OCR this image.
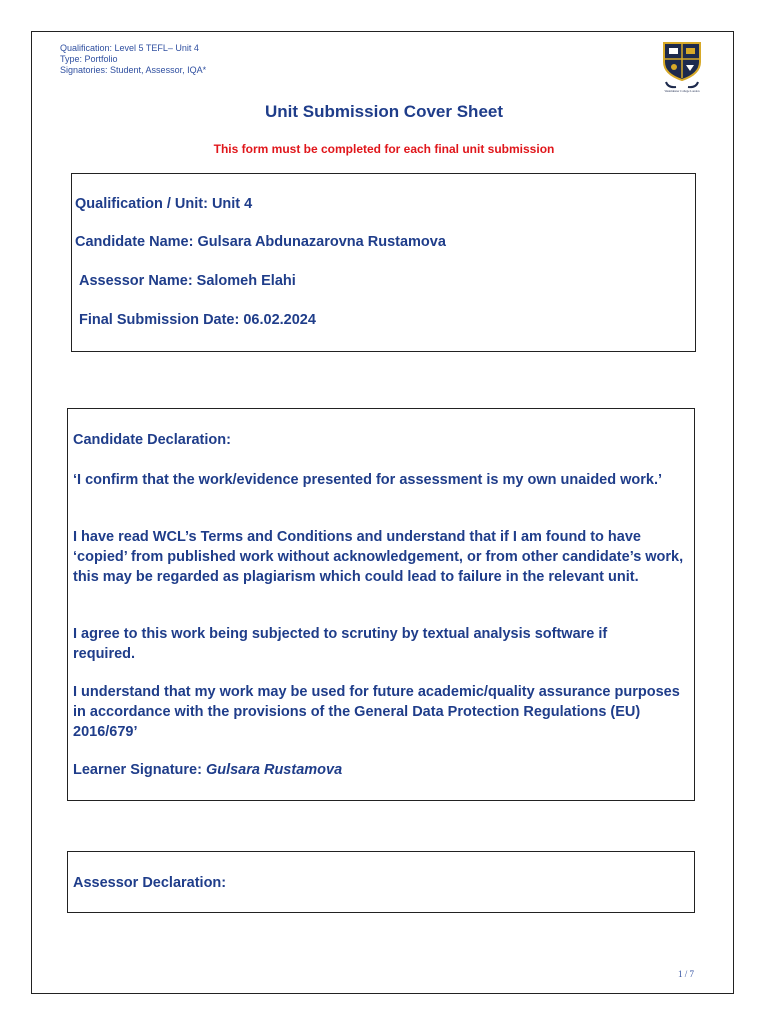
Qualification: Level 5 TEFL– Unit 4
Type: Portfolio
Signatories: Student, Assessor, IQA*
Westminster College London
Unit Submission Cover Sheet
This form must be completed for each final unit submission
Qualification / Unit: Unit 4
Candidate Name: Gulsara Abdunazarovna Rustamova
Assessor Name: Salomeh Elahi
Final Submission Date: 06.02.2024
Candidate Declaration:
‘I confirm that the work/evidence presented for assessment is my own unaided work.’
I have read WCL’s Terms and Conditions and understand that if I am found to have ‘copied’ from published work without acknowledgement, or from other candidate’s work, this may be regarded as plagiarism which could lead to failure in the relevant unit.
I agree to this work being subjected to scrutiny by textual analysis software if required.
I understand that my work may be used for future academic/quality assurance purposes in accordance with the provisions of the General Data Protection Regulations (EU) 2016/679’
Learner Signature: Gulsara Rustamova
Assessor Declaration:
1 / 7
